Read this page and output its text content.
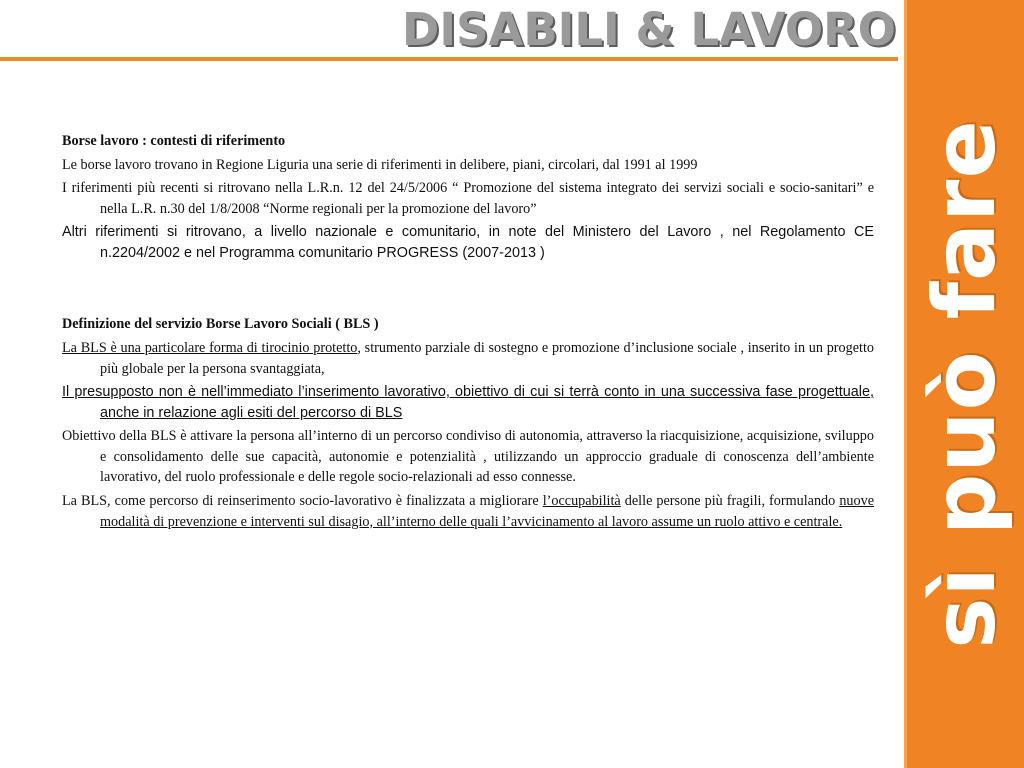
DISABILI & LAVORO
sì può fare
Borse lavoro : contesti di riferimento
Le borse lavoro trovano in Regione Liguria una serie di riferimenti in delibere, piani, circolari, dal 1991 al 1999
I riferimenti più recenti si ritrovano nella L.R.n. 12 del 24/5/2006 “ Promozione del sistema integrato dei servizi sociali e socio-sanitari” e nella L.R. n.30 del 1/8/2008 “Norme regionali per la promozione del lavoro”
Altri riferimenti si ritrovano, a livello nazionale e comunitario, in note del Ministero del Lavoro , nel Regolamento CE n.2204/2002 e nel Programma comunitario PROGRESS (2007-2013 )
Definizione del servizio Borse Lavoro Sociali ( BLS )
La BLS è una particolare forma di tirocinio protetto, strumento parziale di sostegno e promozione d’inclusione sociale , inserito in un progetto più globale per la persona svantaggiata,
Il presupposto non è nell’immediato l’inserimento lavorativo, obiettivo di cui si terrà conto in una successiva fase progettuale, anche in relazione agli esiti del percorso di BLS
Obiettivo della BLS è attivare la persona all’interno di un percorso condiviso di autonomia, attraverso la riacquisizione, acquisizione, sviluppo e consolidamento delle sue capacità, autonomie e potenzialità , utilizzando un approccio graduale di conoscenza dell’ambiente lavorativo, del ruolo professionale e delle regole socio-relazionali ad esso connesse.
La BLS, come percorso di reinserimento socio-lavorativo è finalizzata a migliorare l’occupabilità delle persone più fragili, formulando nuove modalità di prevenzione e interventi sul disagio, all’interno delle quali l’avvicinamento al lavoro assume un ruolo attivo e centrale.
